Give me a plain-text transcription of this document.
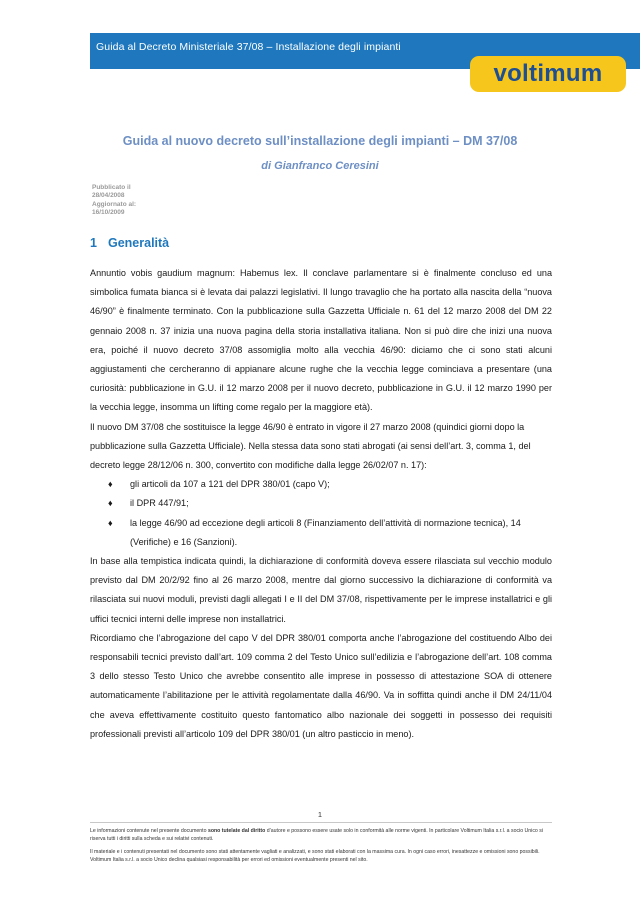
Guida al Decreto Ministeriale 37/08 – Installazione degli impianti
voltimum
Guida al nuovo decreto sull’installazione degli impianti – DM 37/08
di Gianfranco Ceresini
Pubblicato il
28/04/2008
Aggiornato al:
16/10/2009
1 Generalità

Annuntio vobis gaudium magnum: Habemus lex. Il conclave parlamentare si è finalmente concluso ed una simbolica fumata bianca si è levata dai palazzi legislativi. Il lungo travaglio che ha portato alla nascita della “nuova 46/90” è finalmente terminato. Con la pubblicazione sulla Gazzetta Ufficiale n. 61 del 12 marzo 2008 del DM 22 gennaio 2008 n. 37 inizia una nuova pagina della storia installativa italiana. Non si può dire che inizi una nuova era, poiché il nuovo decreto 37/08 assomiglia molto alla vecchia 46/90: diciamo che ci sono stati alcuni aggiustamenti che cercheranno di appianare alcune rughe che la vecchia legge cominciava a presentare (una curiosità: pubblicazione in G.U. il 12 marzo 2008 per il nuovo decreto, pubblicazione in G.U. il 12 marzo 1990 per la vecchia legge, insomma un lifting come regalo per la maggiore età).

Il nuovo DM 37/08 che sostituisce la legge 46/90 è entrato in vigore il 27 marzo 2008 (quindici giorni dopo la pubblicazione sulla Gazzetta Ufficiale). Nella stessa data sono stati abrogati (ai sensi dell’art. 3, comma 1, del decreto legge 28/12/06 n. 300, convertito con modifiche dalla legge 26/02/07 n. 17):

♦ gli articoli da 107 a 121 del DPR 380/01 (capo V);
♦ il DPR 447/91;
♦ la legge 46/90 ad eccezione degli articoli 8 (Finanziamento dell’attività di normazione tecnica), 14 (Verifiche) e 16 (Sanzioni).

In base alla tempistica indicata quindi, la dichiarazione di conformità doveva essere rilasciata sul vecchio modulo previsto dal DM 20/2/92 fino al 26 marzo 2008, mentre dal giorno successivo la dichiarazione di conformità va rilasciata sui nuovi moduli, previsti dagli allegati I e II del DM 37/08, rispettivamente per le imprese installatrici e gli uffici tecnici interni delle imprese non installatrici.

Ricordiamo che l’abrogazione del capo V del DPR 380/01 comporta anche l’abrogazione del costituendo Albo dei responsabili tecnici previsto dall’art. 109 comma 2 del Testo Unico sull’edilizia e l’abrogazione dell’art. 108 comma 3 dello stesso Testo Unico che avrebbe consentito alle imprese in possesso di attestazione SOA di ottenere automaticamente l’abilitazione per le attività regolamentate dalla 46/90. Va in soffitta quindi anche il DM 24/11/04 che aveva effettivamente costituito questo fantomatico albo nazionale dei soggetti in possesso dei requisiti professionali previsti all’articolo 109 del DPR 380/01 (un altro pasticcio in meno).

1

Le informazioni contenute nel presente documento sono tutelate dal diritto d’autore e possono essere usate solo in conformità alle norme vigenti. In particolare Voltimum Italia s.r.l. a socio Unico si riserva tutti i diritti sulla scheda e sui relativi contenuti.

Il materiale e i contenuti presentati nel documento sono stati attentamente vagliati e analizzati, e sono stati elaborati con la massima cura. In ogni caso errori, inesattezze e omissioni sono possibili. Voltimum Italia s.r.l. a socio Unico declina qualsiasi responsabilità per errori ed omissioni eventualmente presenti nel sito.
